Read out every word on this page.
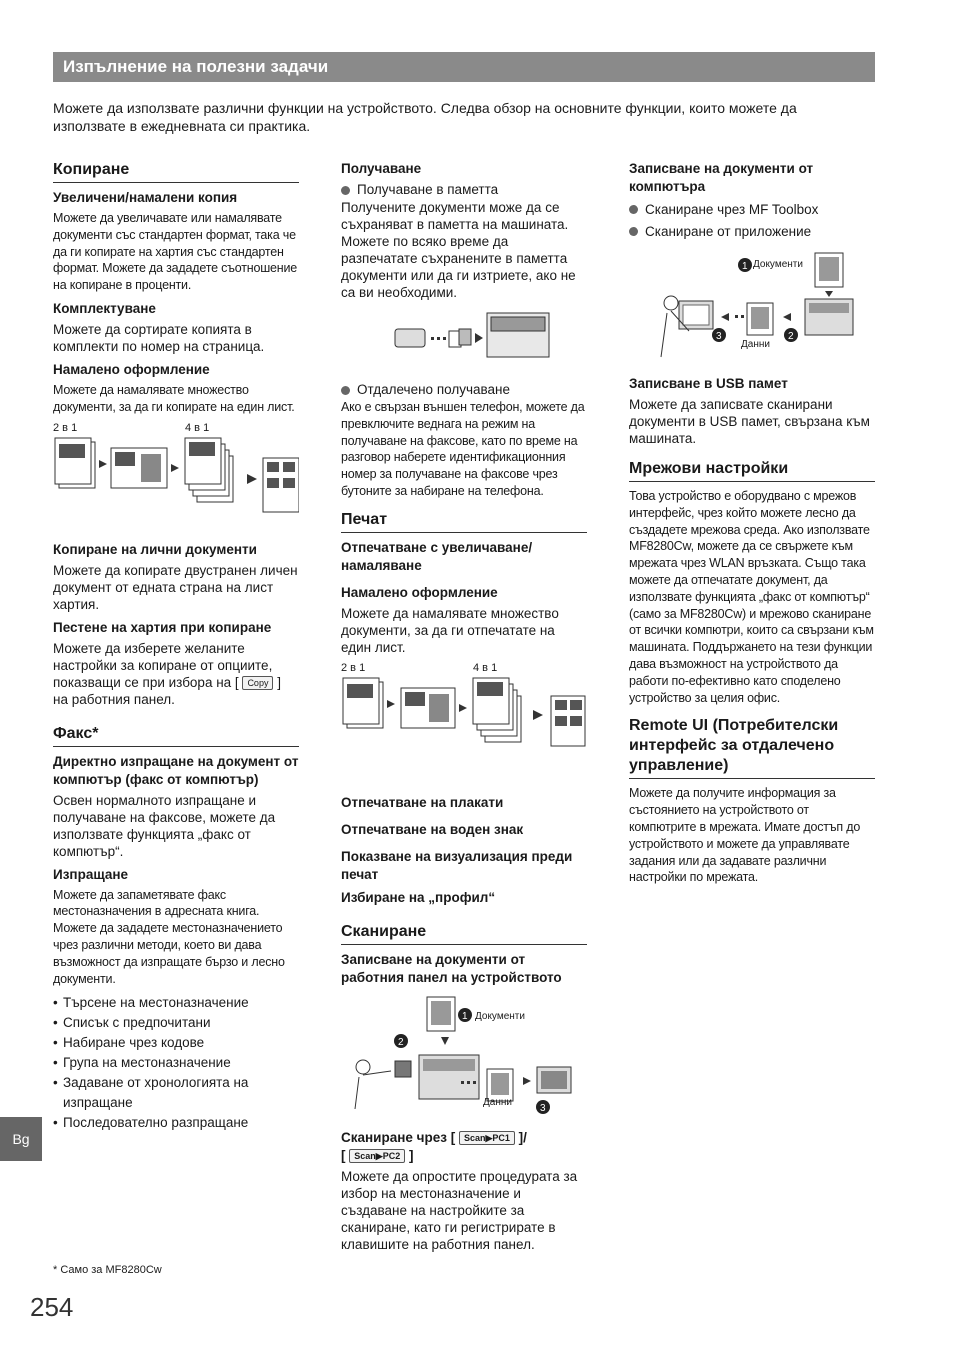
Изпълнение на полезни задачи
Можете да използвате различни функции на устройството. Следва обзор на основните функции, които можете да използвате в ежедневната си практика.
Копиране
Увеличени/намалени копия

Можете да увеличавате или намалявате документи със стандартен формат, така че да ги копирате на хартия със стандартен формат. Можете да зададете съотношение на копиране в проценти.

Комплектуване

Можете да сортирате копията в комплекти по номер на страница.

Намалено оформление

Можете да намалявате множество документи, за да ги копирате на един лист.

2 в 1	4 в 1
Копиране на лични документи

Можете да копирате двустранен личен документ от едната страна на лист хартия.

Пестене на хартия при копиране

Можете да изберете желаните настройки за копиране от опциите, показващи се при избора на [ Copy ] на работния панел.

Факс*
Директно изпращане на документ от компютър (факс от компютър)

Освен нормалното изпращане и получаване на факсове, можете да използвате функцията „факс от компютър“.

Изпращане

Можете да запаметявате факс местоназначения в адресната книга. Можете да зададете местоназначението чрез различни методи, което ви дава възможност да изпращате бързо и лесно документи.

• Търсене на местоназначение
• Списък с предпочитани
• Набиране чрез кодове
• Група на местоназначение
• Задаване от хронологията на изпращане
• Последователно разпращане
Получаване

Получаване в паметта

Получените документи може да се съхраняват в паметта на машината. Можете по всяко време да разпечатате съхранените в паметта документи или да ги изтриете, ако не са ви необходими.

Отдалечено получаване

Ако е свързан външен телефон, можете да превключите веднага на режим на получаване на факсове, като по време на разговор наберете идентификационния номер за получаване на факсове чрез бутоните за набиране на телефона.

Печат
Отпечатване с увеличаване/ намаляване
Намалено оформление

Можете да намалявате множество документи, за да ги отпечатате на един лист.

2 в 1	4 в 1
Отпечатване на плакати
Отпечатване на воден знак
Показване на визуализация преди печат
Избиране на „профил“
Сканиране
Записване на документи от работния панел на устройството
1
2
3
Документи
Данни
Сканиране чрез [ Scan▶PC1 ]/
[ Scan▶PC2 ]

Можете да опростите процедурата за избор на местоназначение и създаване на настройките за сканиране, като ги регистрирате в клавишите на работния панел.

Записване на документи от компютъра
Сканиране чрез MF Toolbox
Сканиране от приложение
1
2
3
Документи
Данни
Записване в USB памет

Можете да записвате сканирани документи в USB памет, свързана към машината.

Мрежови настройки

Това устройство е оборудвано с мрежов интерфейс, чрез който можете лесно да създадете мрежова среда. Ако използвате MF8280Cw, можете да се свържете към мрежата чрез WLAN връзката. Също така можете да отпечатате документ, да използвате функцията „факс от компютър“ (само за MF8280Cw) и мрежово сканиране от всички компютри, които са свързани към машината. Поддържането на тези функции дава възможност на устройството да работи по-ефективно като споделено устройство за целия офис.

Remote UI (Потребителски интерфейс за отдалечено управление)

Можете да получите информация за състоянието на устройството от компютрите в мрежата. Имате достъп до устройството и можете да управлявате задания или да задавате различни настройки по мрежата.

Bg
* Само за MF8280Cw
254
